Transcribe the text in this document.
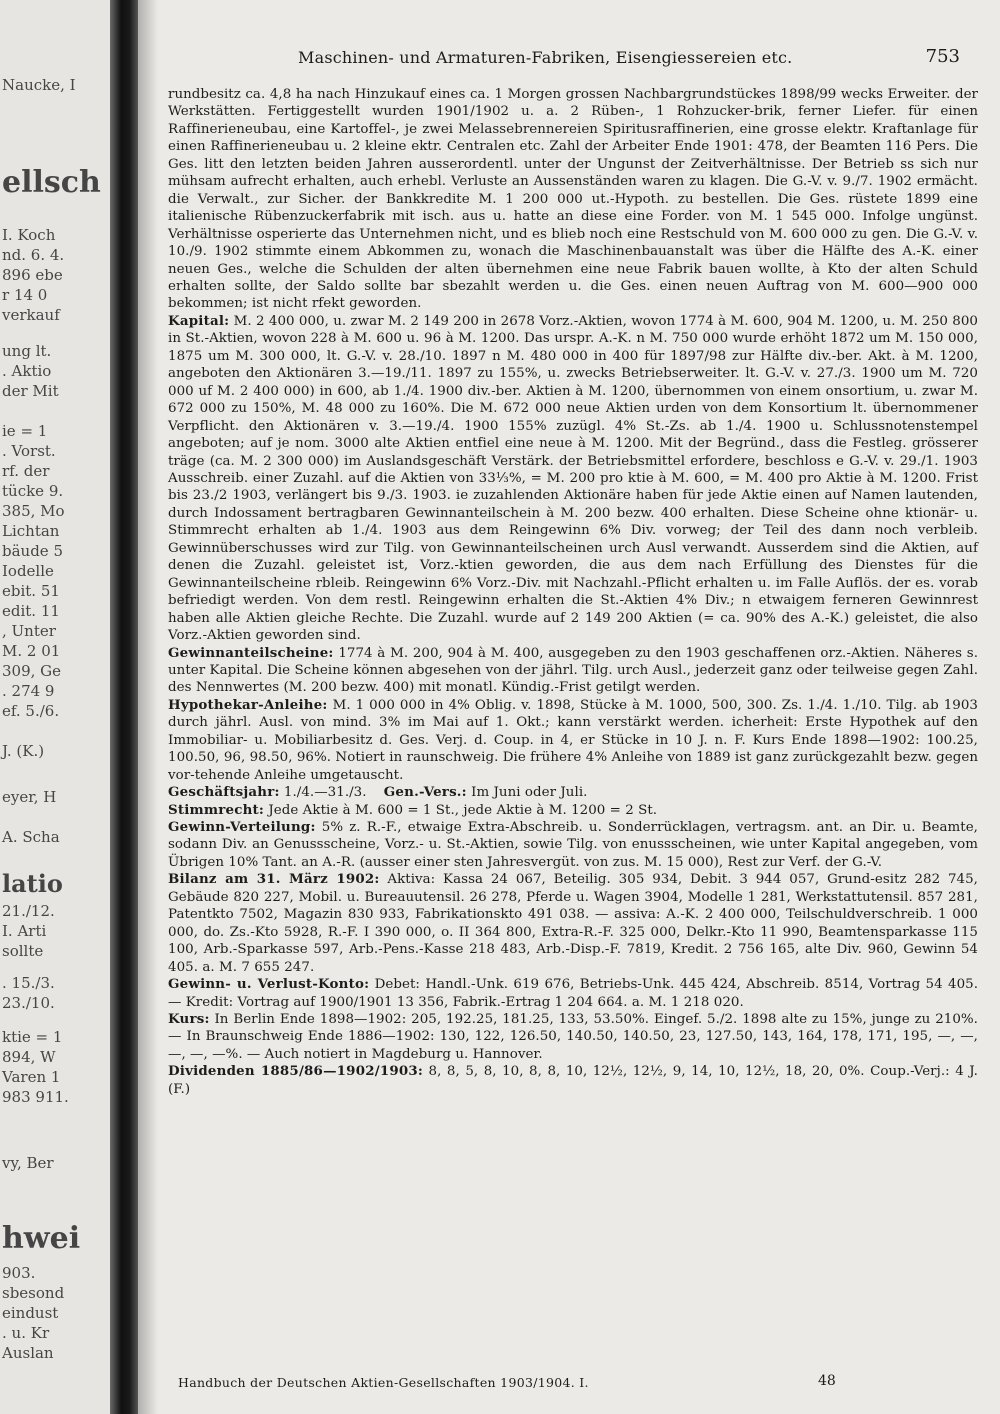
Naucke, I
ellsch
I. Koch
nd. 6. 4.
896 ebe
r 14 0
verkauf
ung lt.
. Aktio
der Mit
ie = 1
. Vorst.
rf. der
tücke 9.
385, Mo
Lichtan
bäude 5
Iodelle
ebit. 51
edit. 11
, Unter
M. 2 01
309, Ge
. 274 9
ef. 5./6.
J. (K.)
eyer, H
A. Scha
latio
21./12.
I. Arti
sollte
. 15./3.
23./10.
ktie = 1
894, W
Varen 1
983 911.
vy, Ber
hwei
903.
sbesond
eindust
. u. Kr
Auslan
Maschinen- und Armaturen-Fabriken, Eisengiessereien etc.	753

rundbesitz ca. 4,8 ha nach Hinzukauf eines ca. 1 Morgen grossen Nachbargrundstückes 1898/99 wecks Erweiter. der Werkstätten. Fertiggestellt wurden 1901/1902 u. a. 2 Rüben-, 1 Rohzucker-brik, ferner Liefer. für einen Raffinerieneubau, eine Kartoffel-, je zwei Melassebrennereien Spiritusraffinerien, eine grosse elektr. Kraftanlage für einen Raffinerieneubau u. 2 kleine ektr. Centralen etc. Zahl der Arbeiter Ende 1901: 478, der Beamten 116 Pers. Die Ges. litt den letzten beiden Jahren ausserordentl. unter der Ungunst der Zeitverhältnisse. Der Betrieb ss sich nur mühsam aufrecht erhalten, auch erhebl. Verluste an Aussenständen waren zu klagen. Die G.-V. v. 9./7. 1902 ermächt. die Verwalt., zur Sicher. der Bankkredite M. 1 200 000 ut.-Hypoth. zu bestellen. Die Ges. rüstete 1899 eine italienische Rübenzuckerfabrik mit isch. aus u. hatte an diese eine Forder. von M. 1 545 000. Infolge ungünst. Verhältnisse osperierte das Unternehmen nicht, und es blieb noch eine Restschuld von M. 600 000 zu gen. Die G.-V. v. 10./9. 1902 stimmte einem Abkommen zu, wonach die Maschinenbauanstalt was über die Hälfte des A.-K. einer neuen Ges., welche die Schulden der alten übernehmen eine neue Fabrik bauen wollte, à Kto der alten Schuld erhalten sollte, der Saldo sollte bar sbezahlt werden u. die Ges. einen neuen Auftrag von M. 600—900 000 bekommen; ist nicht rfekt geworden.

Kapital: M. 2 400 000, u. zwar M. 2 149 200 in 2678 Vorz.-Aktien, wovon 1774 à M. 600, 904 M. 1200, u. M. 250 800 in St.-Aktien, wovon 228 à M. 600 u. 96 à M. 1200. Das urspr. A.-K. n M. 750 000 wurde erhöht 1872 um M. 150 000, 1875 um M. 300 000, lt. G.-V. v. 28./10. 1897 n M. 480 000 in 400 für 1897/98 zur Hälfte div.-ber. Akt. à M. 1200, angeboten den Aktionären 3.—19./11. 1897 zu 155%, u. zwecks Betriebserweiter. lt. G.-V. v. 27./3. 1900 um M. 720 000 uf M. 2 400 000) in 600, ab 1./4. 1900 div.-ber. Aktien à M. 1200, übernommen von einem onsortium, u. zwar M. 672 000 zu 150%, M. 48 000 zu 160%. Die M. 672 000 neue Aktien urden von dem Konsortium lt. übernommener Verpflicht. den Aktionären v. 3.—19./4. 1900 155% zuzügl. 4% St.-Zs. ab 1./4. 1900 u. Schlussnotenstempel angeboten; auf je nom. 3000 alte Aktien entfiel eine neue à M. 1200. Mit der Begründ., dass die Festleg. grösserer träge (ca. M. 2 300 000) im Auslandsgeschäft Verstärk. der Betriebsmittel erfordere, beschloss e G.-V. v. 29./1. 1903 Ausschreib. einer Zuzahl. auf die Aktien von 33⅓%, = M. 200 pro ktie à M. 600, = M. 400 pro Aktie à M. 1200. Frist bis 23./2 1903, verlängert bis 9./3. 1903. ie zuzahlenden Aktionäre haben für jede Aktie einen auf Namen lautenden, durch Indossament bertragbaren Gewinnanteilschein à M. 200 bezw. 400 erhalten. Diese Scheine ohne ktionär- u. Stimmrecht erhalten ab 1./4. 1903 aus dem Reingewinn 6% Div. vorweg; der Teil des dann noch verbleib. Gewinnüberschusses wird zur Tilg. von Gewinnanteilscheinen urch Ausl verwandt. Ausserdem sind die Aktien, auf denen die Zuzahl. geleistet ist, Vorz.-ktien geworden, die aus dem nach Erfüllung des Dienstes für die Gewinnanteilscheine rbleib. Reingewinn 6% Vorz.-Div. mit Nachzahl.-Pflicht erhalten u. im Falle Auflös. der es. vorab befriedigt werden. Von dem restl. Reingewinn erhalten die St.-Aktien 4% Div.; n etwaigem ferneren Gewinnrest haben alle Aktien gleiche Rechte. Die Zuzahl. wurde auf 2 149 200 Aktien (= ca. 90% des A.-K.) geleistet, die also Vorz.-Aktien geworden sind.

Gewinnanteilscheine: 1774 à M. 200, 904 à M. 400, ausgegeben zu den 1903 geschaffenen orz.-Aktien. Näheres s. unter Kapital. Die Scheine können abgesehen von der jährl. Tilg. urch Ausl., jederzeit ganz oder teilweise gegen Zahl. des Nennwertes (M. 200 bezw. 400) mit monatl. Kündig.-Frist getilgt werden.

Hypothekar-Anleihe: M. 1 000 000 in 4% Oblig. v. 1898, Stücke à M. 1000, 500, 300. Zs. 1./4. 1./10. Tilg. ab 1903 durch jährl. Ausl. von mind. 3% im Mai auf 1. Okt.; kann verstärkt werden. icherheit: Erste Hypothek auf den Immobiliar- u. Mobiliarbesitz d. Ges. Verj. d. Coup. in 4, er Stücke in 10 J. n. F. Kurs Ende 1898—1902: 100.25, 100.50, 96, 98.50, 96%. Notiert in raunschweig. Die frühere 4% Anleihe von 1889 ist ganz zurückgezahlt bezw. gegen vor-tehende Anleihe umgetauscht.

Geschäftsjahr: 1./4.—31./3. Gen.-Vers.: Im Juni oder Juli.

Stimmrecht: Jede Aktie à M. 600 = 1 St., jede Aktie à M. 1200 = 2 St.

Gewinn-Verteilung: 5% z. R.-F., etwaige Extra-Abschreib. u. Sonderrücklagen, vertragsm. ant. an Dir. u. Beamte, sodann Div. an Genussscheine, Vorz.- u. St.-Aktien, sowie Tilg. von enussscheinen, wie unter Kapital angegeben, vom Übrigen 10% Tant. an A.-R. (ausser einer sten Jahresvergüt. von zus. M. 15 000), Rest zur Verf. der G.-V.

Bilanz am 31. März 1902: Aktiva: Kassa 24 067, Beteilig. 305 934, Debit. 3 944 057, Grund-esitz 282 745, Gebäude 820 227, Mobil. u. Bureauutensil. 26 278, Pferde u. Wagen 3904, Modelle 1 281, Werkstattutensil. 857 281, Patentkto 7502, Magazin 830 933, Fabrikationskto 491 038. — assiva: A.-K. 2 400 000, Teilschuldverschreib. 1 000 000, do. Zs.-Kto 5928, R.-F. I 390 000, o. II 364 800, Extra-R.-F. 325 000, Delkr.-Kto 11 990, Beamtensparkasse 115 100, Arb.-Sparkasse 597, Arb.-Pens.-Kasse 218 483, Arb.-Disp.-F. 7819, Kredit. 2 756 165, alte Div. 960, Gewinn 54 405. a. M. 7 655 247.

Gewinn- u. Verlust-Konto: Debet: Handl.-Unk. 619 676, Betriebs-Unk. 445 424, Abschreib. 8514, Vortrag 54 405. — Kredit: Vortrag auf 1900/1901 13 356, Fabrik.-Ertrag 1 204 664. a. M. 1 218 020.

Kurs: In Berlin Ende 1898—1902: 205, 192.25, 181.25, 133, 53.50%. Eingef. 5./2. 1898 alte zu 15%, junge zu 210%. — In Braunschweig Ende 1886—1902: 130, 122, 126.50, 140.50, 140.50, 23, 127.50, 143, 164, 178, 171, 195, —, —, —, —, —%. — Auch notiert in Magdeburg u. Hannover.

Dividenden 1885/86—1902/1903: 8, 8, 5, 8, 10, 8, 8, 10, 12½, 12½, 9, 14, 10, 12½, 18, 20, 0%. Coup.-Verj.: 4 J. (F.)

Handbuch der Deutschen Aktien-Gesellschaften 1903/1904. I.	48
